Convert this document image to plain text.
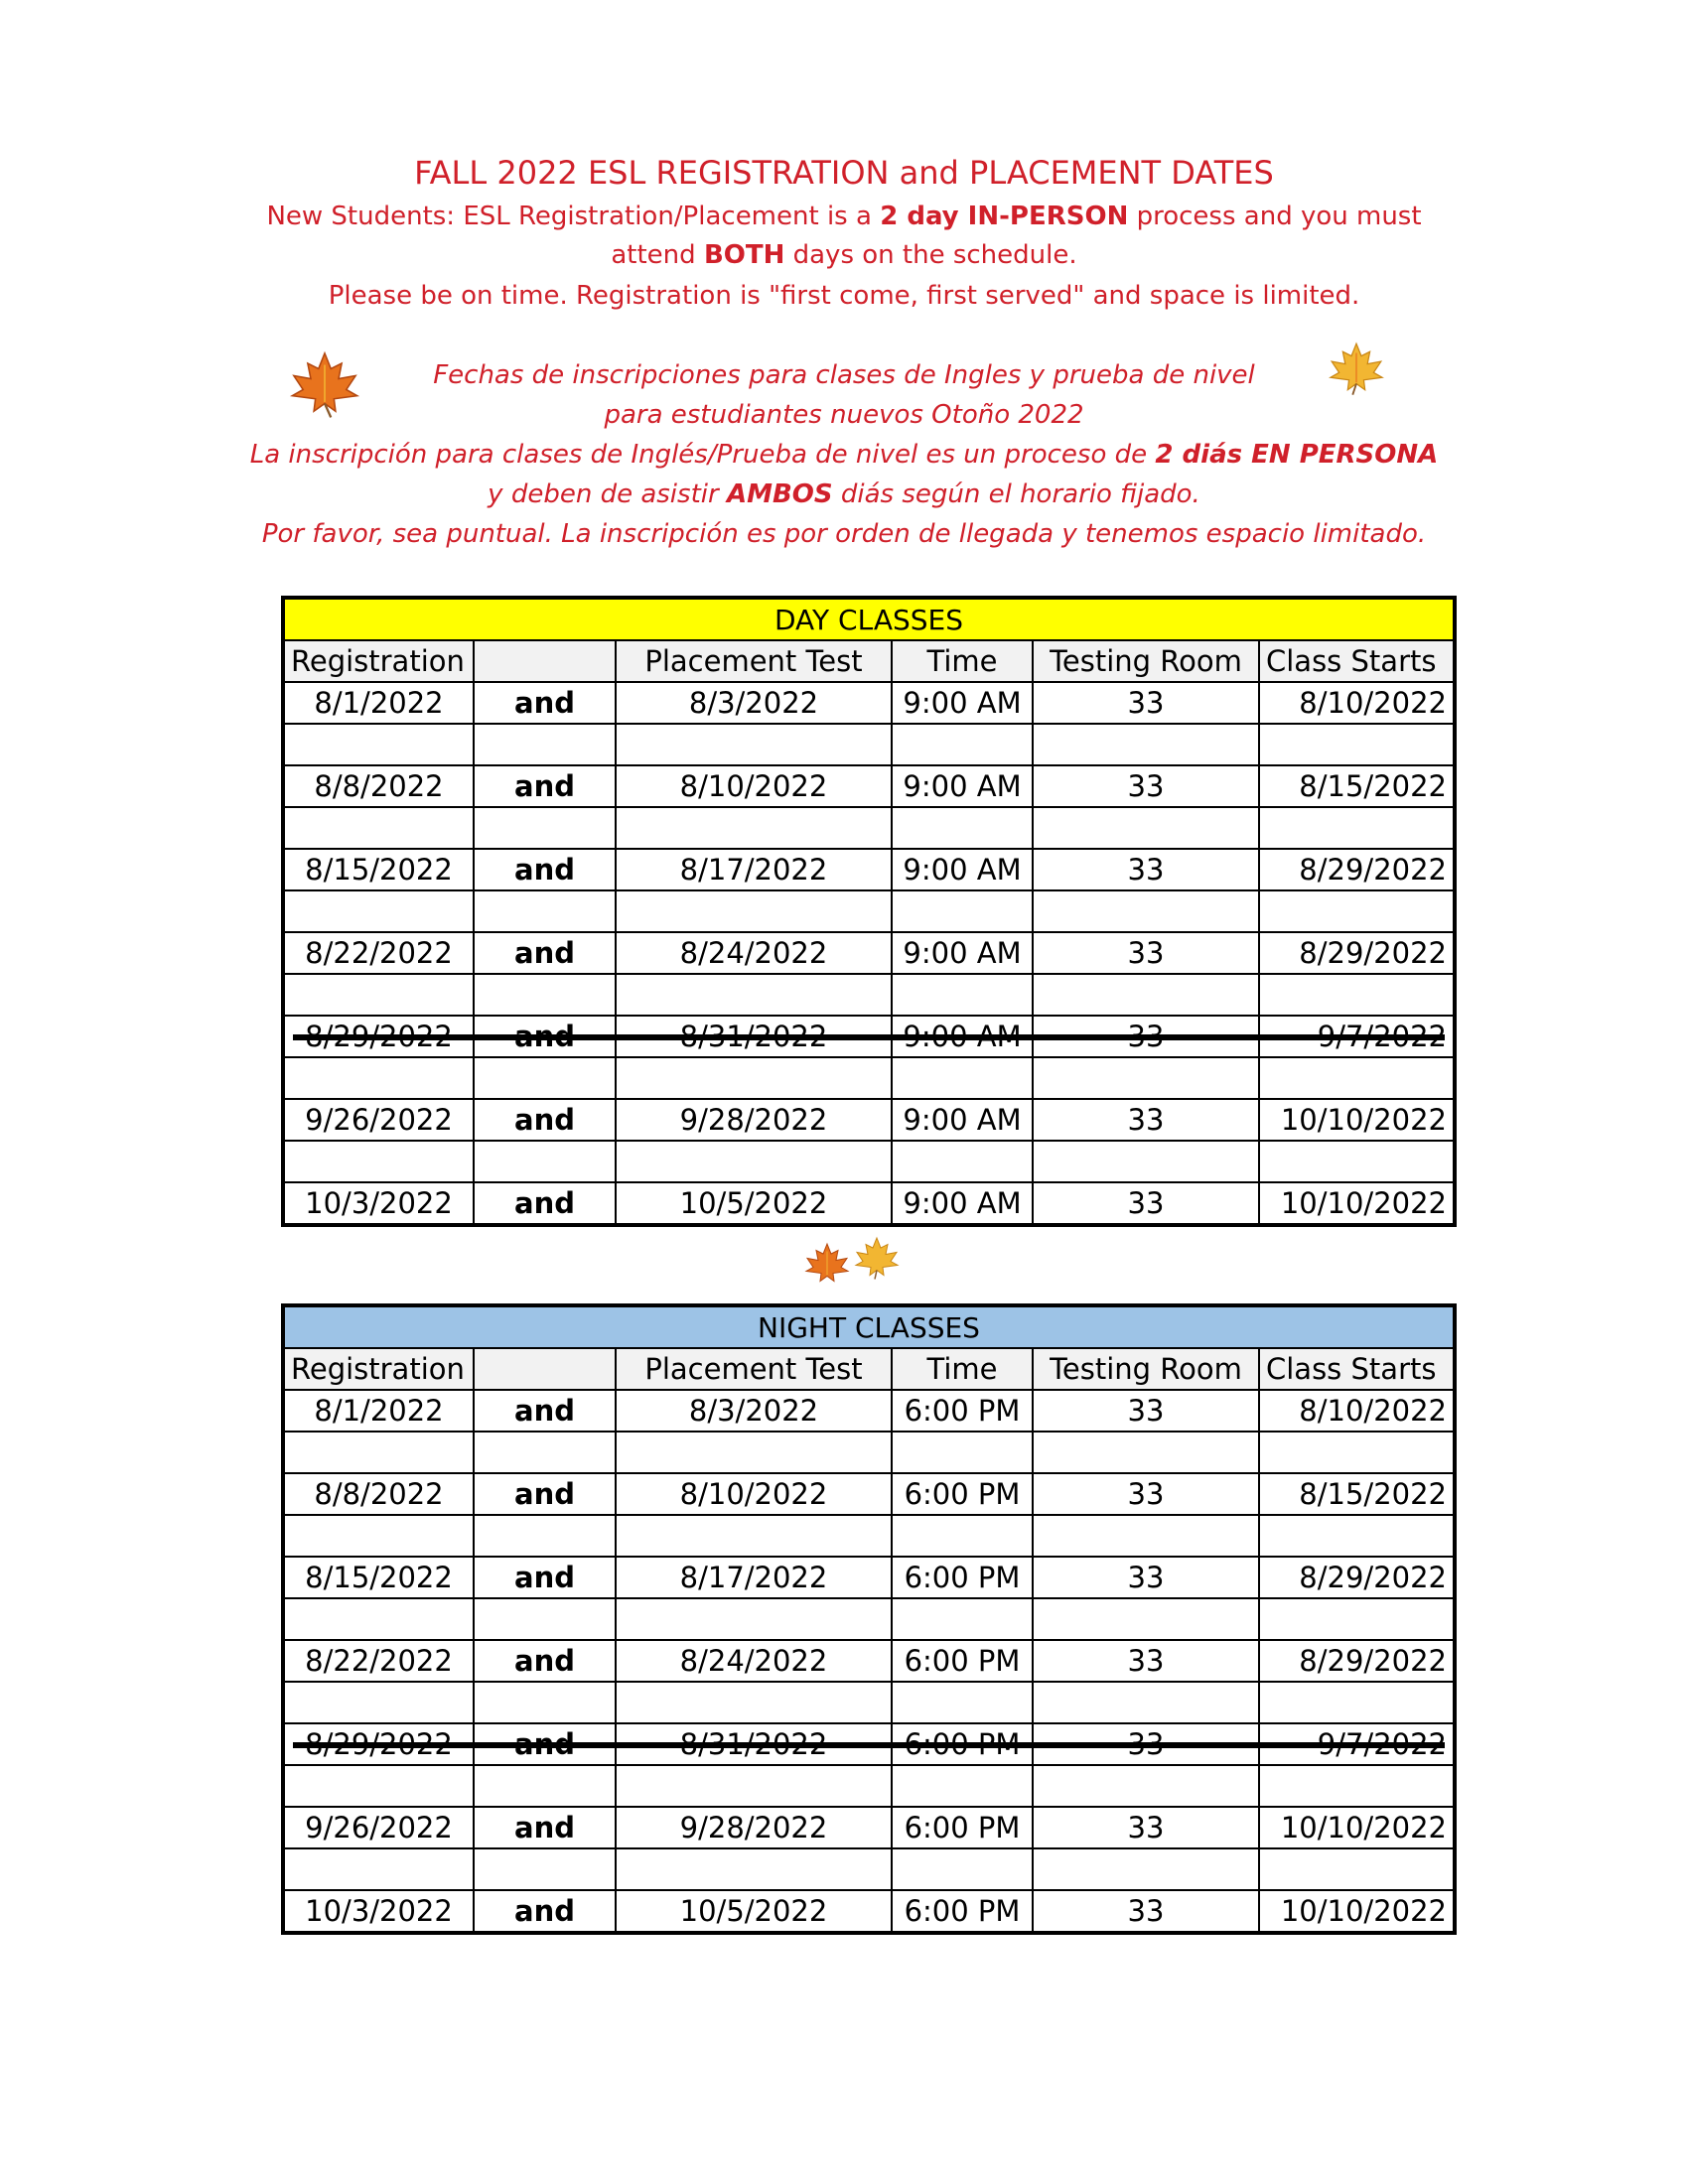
FALL 2022 ESL REGISTRATION and PLACEMENT DATES
New Students: ESL Registration/Placement is a 2 day IN-PERSON process and you must
attend BOTH days on the schedule.
Please be on time. Registration is "first come, first served" and space is limited.
Fechas de inscripciones para clases de Ingles y prueba de nivel
para estudiantes nuevos Otoño 2022
La inscripción para clases de Inglés/Prueba de nivel es un proceso de 2 diás EN PERSONA
y deben de asistir AMBOS diás según el horario fijado.
Por favor, sea puntual. La inscripción es por orden de llegada y tenemos espacio limitado.
DAY CLASSES					
Registration		Placement Test	Time	Testing Room	Class Starts
8/1/2022	and	8/3/2022	9:00 AM	33	8/10/2022

8/8/2022	and	8/10/2022	9:00 AM	33	8/15/2022

8/15/2022	and	8/17/2022	9:00 AM	33	8/29/2022

8/22/2022	and	8/24/2022	9:00 AM	33	8/29/2022

8/29/2022	and	8/31/2022	9:00 AM	33	9/7/2022

9/26/2022	and	9/28/2022	9:00 AM	33	10/10/2022

10/3/2022	and	10/5/2022	9:00 AM	33	10/10/2022
NIGHT CLASSES					
Registration		Placement Test	Time	Testing Room	Class Starts
8/1/2022	and	8/3/2022	6:00 PM	33	8/10/2022

8/8/2022	and	8/10/2022	6:00 PM	33	8/15/2022

8/15/2022	and	8/17/2022	6:00 PM	33	8/29/2022

8/22/2022	and	8/24/2022	6:00 PM	33	8/29/2022

8/29/2022	and	8/31/2022	6:00 PM	33	9/7/2022

9/26/2022	and	9/28/2022	6:00 PM	33	10/10/2022

10/3/2022	and	10/5/2022	6:00 PM	33	10/10/2022
